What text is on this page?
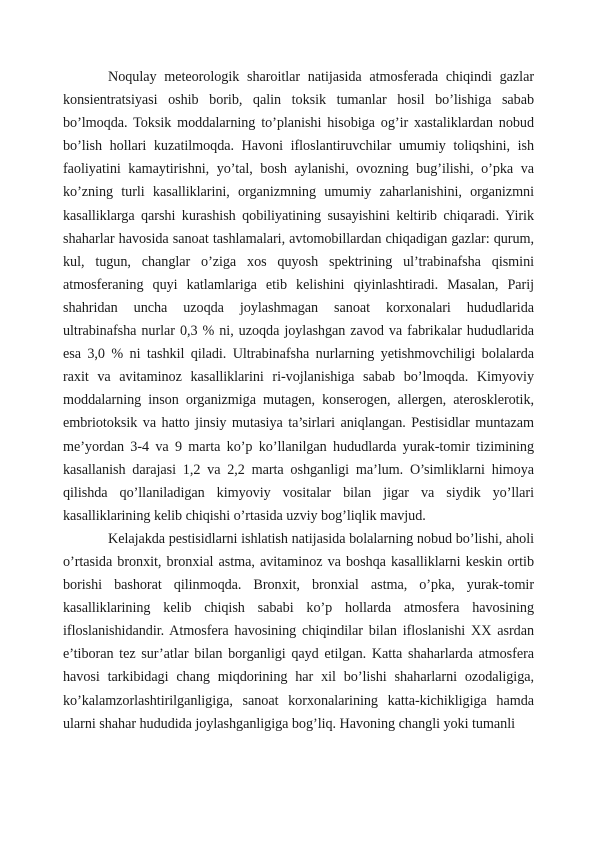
Noqulay meteorologik sharoitlar natijasida atmosferada chiqindi gazlar konsientratsiyasi oshib borib, qalin toksik tumanlar hosil bo’lishiga sabab bo’lmoqda. Toksik moddalarning to’planishi hisobiga og’ir xastaliklardan nobud bo’lish hollari kuzatilmoqda. Havoni ifloslantiruvchilar umumiy toliqshini, ish faoliyatini kamaytirishni, yo’tal, bosh aylanishi, ovozning bug’ilishi, o’pka va ko’zning turli kasalliklarini, organizmning umumiy zaharlanishini, organizmni kasalliklarga qarshi kurashish qobiliyatining susayishini keltirib chiqaradi. Yirik shaharlar havosida sanoat tashlamalari, avtomobillardan chiqadigan gazlar: qurum, kul, tugun, changlar o’ziga xos quyosh spektrining ul’trabinafsha qismini atmosferaning quyi katlamlariga etib kelishini qiyinlashtiradi. Masalan, Parij shahridan uncha uzoqda joylashmagan sanoat korxonalari hududlarida ultrabinafsha nurlar 0,3 % ni, uzoqda joylashgan zavod va fabrikalar hududlarida esa 3,0 % ni tashkil qiladi. Ultrabinafsha nurlarning yetishmovchiligi bolalarda raxit va avitaminoz kasalliklarini ri-vojlanishiga sabab bo’lmoqda. Kimyoviy moddalarning inson organizmiga mutagen, konserogen, allergen, aterosklerotik, embriotoksik va hatto jinsiy mutasiya ta’sirlari aniqlangan. Pestisidlar muntazam me’yordan 3-4 va 9 marta ko’p ko’llanilgan hududlarda yurak-tomir tizimining kasallanish darajasi 1,2 va 2,2 marta oshganligi ma’lum. O’simliklarni himoya qilishda qo’llaniladigan kimyoviy vositalar bilan jigar va siydik yo’llari kasalliklarining kelib chiqishi o’rtasida uzviy bog’liqlik mavjud.

Kelajakda pestisidlarni ishlatish natijasida bolalarning nobud bo’lishi, aholi o’rtasida bronxit, bronxial astma, avitaminoz va boshqa kasalliklarni keskin ortib borishi bashorat qilinmoqda. Bronxit, bronxial astma, o’pka, yurak-tomir kasalliklarining kelib chiqish sababi ko’p hollarda atmosfera havosining ifloslanishidandir. Atmosfera havosining chiqindilar bilan ifloslanishi XX asrdan e’tiboran tez sur’atlar bilan borganligi qayd etilgan. Katta shaharlarda atmosfera havosi tarkibidagi chang miqdorining har xil bo’lishi shaharlarni ozodaligiga, ko’kalamzorlashtirilganligiga, sanoat korxonalarining katta-kichikligiga hamda ularni shahar hududida joylashganligiga bog’liq. Havoning changli yoki tumanli
